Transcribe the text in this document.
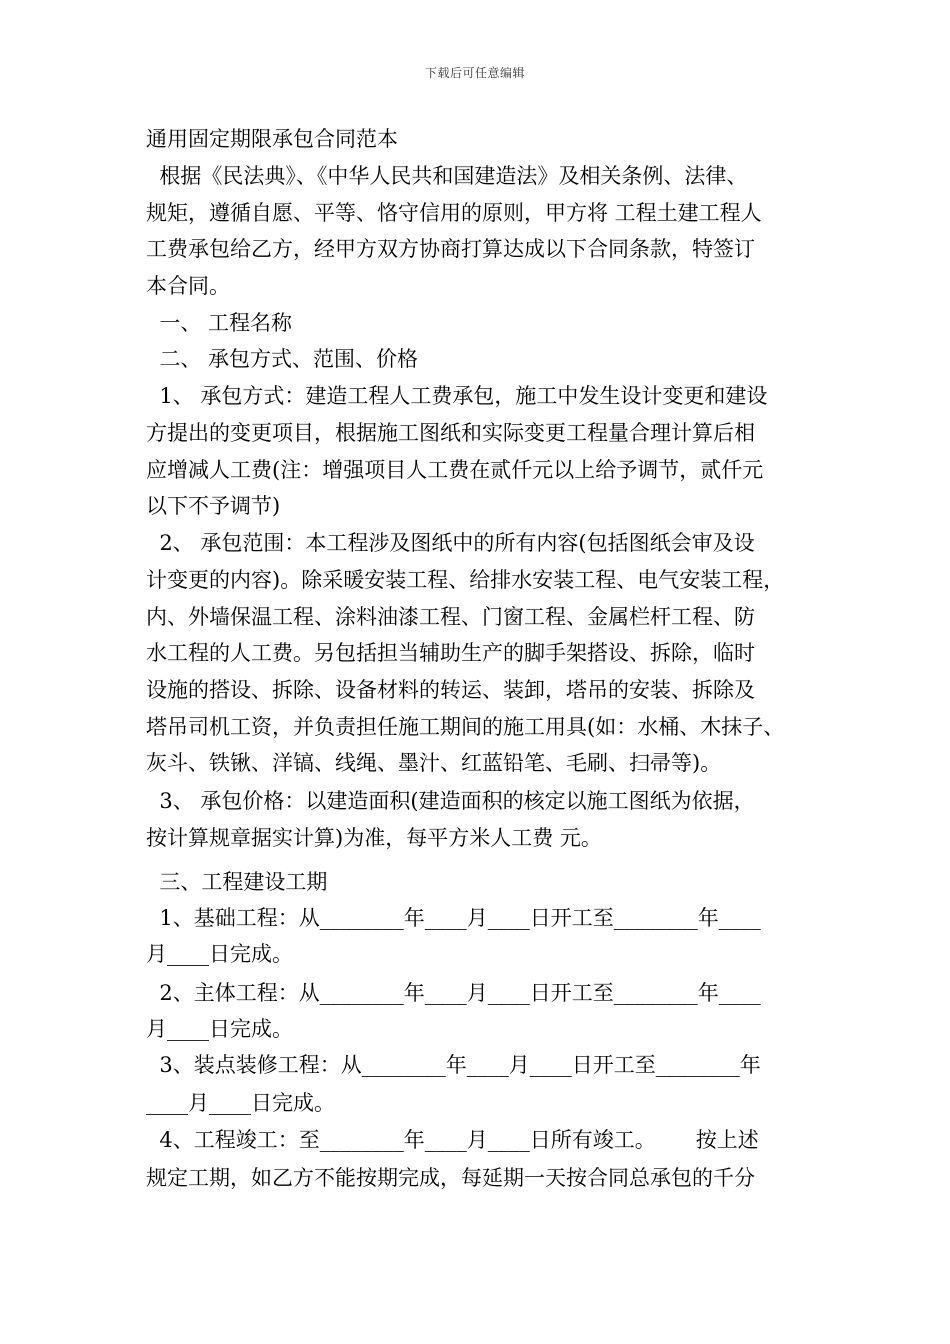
下载后可任意编辑
通用固定期限承包合同范本
根据《民法典》、《中华人民共和国建造法》及相关条例、法律、
规矩，遵循自愿、平等、恪守信用的原则，甲方将 工程土建工程人
工费承包给乙方，经甲方双方协商打算达成以下合同条款，特签订
本合同。
一、 工程名称
二、 承包方式、范围、价格
1、 承包方式：建造工程人工费承包，施工中发生设计变更和建设
方提出的变更项目，根据施工图纸和实际变更工程量合理计算后相
应增减人工费(注：增强项目人工费在贰仟元以上给予调节，贰仟元
以下不予调节)
2、 承包范围：本工程涉及图纸中的所有内容(包括图纸会审及设
计变更的内容)。除采暖安装工程、给排水安装工程、电气安装工程，
内、外墙保温工程、涂料油漆工程、门窗工程、金属栏杆工程、防
水工程的人工费。另包括担当辅助生产的脚手架搭设、拆除，临时
设施的搭设、拆除、设备材料的转运、装卸，塔吊的安装、拆除及
塔吊司机工资，并负责担任施工期间的施工用具(如：水桶、木抹子、
灰斗、铁锹、洋镐、线绳、墨汁、红蓝铅笔、毛刷、扫帚等)。
3、 承包价格：以建造面积(建造面积的核定以施工图纸为依据，
按计算规章据实计算)为准，每平方米人工费 元。
三、工程建设工期
1、基础工程：从________年____月____日开工至________年____
月____日完成。
2、主体工程：从________年____月____日开工至________年____
月____日完成。
3、装点装修工程：从________年____月____日开工至________年
____月____日完成。
4、工程竣工：至________年____月____日所有竣工。      按上述
规定工期，如乙方不能按期完成，每延期一天按合同总承包的千分
